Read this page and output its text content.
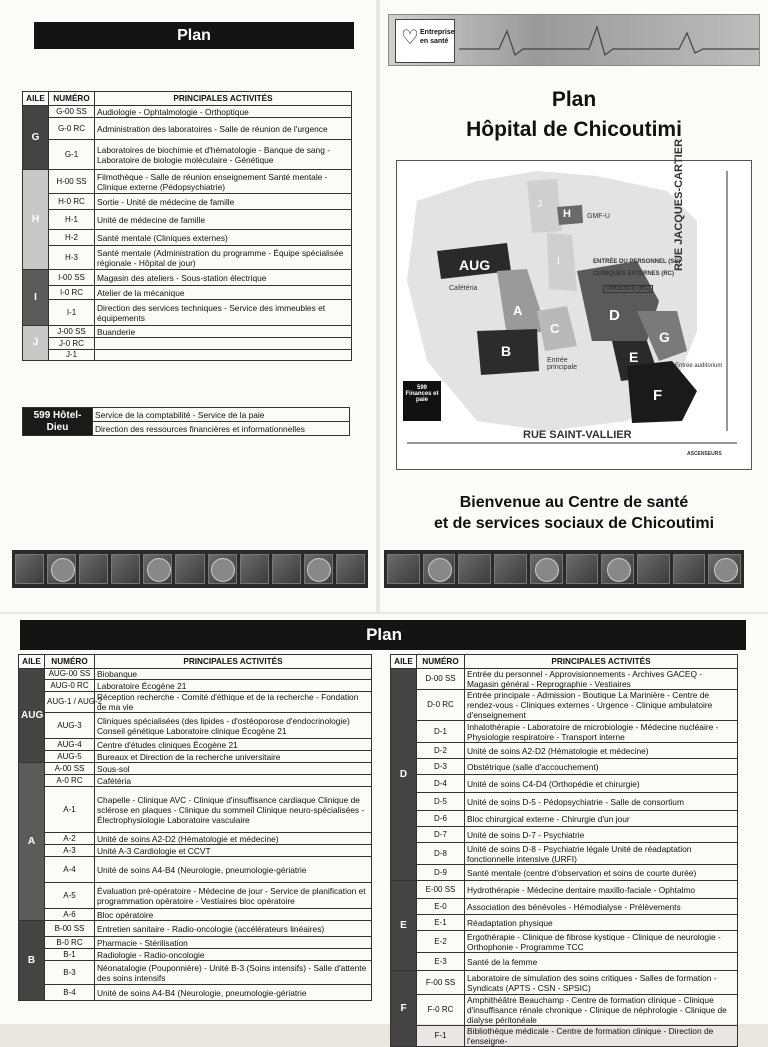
Plan
AILE	NUMÉRO	PRINCIPALES ACTIVITÉS
G	G-00 SS	Audiologie - Ophtalmologie - Orthoptique
	G-0 RC	Administration des laboratoires - Salle de réunion de l'urgence
	G-1	Laboratoires de biochimie et d'hématologie - Banque de sang - Laboratoire de biologie moléculaire - Génétique
H	H-00 SS	Filmothèque - Salle de réunion enseignement Santé mentale - Clinique externe (Pédopsychiatrie)
	H-0 RC	Sortie - Unité de médecine de famille
	H-1	Unité de médecine de famille
	H-2	Santé mentale (Cliniques externes)
	H-3	Santé mentale (Administration du programme - Équipe spécialisée régionale - Hôpital de jour)
I	I-00 SS	Magasin des ateliers - Sous-station électrique
	I-0 RC	Atelier de la mécanique
	I-1	Direction des services techniques - Service des immeubles et équipements
J	J-00 SS	Buanderie
	J-0 RC	
	J-1	
599 Hôtel-Dieu	Service de la comptabilité - Service de la paie
Direction des ressources financières et informationnelles
♡ Entreprise en santé
Plan
Hôpital de Chicoutimi
AUG
A
B
C
D
E
F
G
H
I
J
GMF-U
Cafétéria
Entrée principale
ENTRÉE DU PERSONNEL (SS)
CLINIQUES EXTERNES (RC)
URGENCE (RC)
Entrée auditorium
599 Finances et paie
ASCENSEURS
RUE JACQUES-CARTIER
RUE SAINT-VALLIER
Bienvenue au Centre de santé
et de services sociaux de Chicoutimi
Plan
AILE	NUMÉRO	PRINCIPALES ACTIVITÉS
AUG	AUG-00 SS	Biobanque
	AUG-0 RC	Laboratoire Écogène 21
	AUG-1 / AUG-2	Réception recherche - Comité d'éthique et de la recherche - Fondation de ma vie
	AUG-3	Cliniques spécialisées (des lipides - d'ostéoporose d'endocrinologie) Conseil génétique Laboratoire clinique Écogène 21
	AUG-4	Centre d'études cliniques Écogène 21
	AUG-5	Bureaux et Direction de la recherche universitaire
A	A-00 SS	Sous-sol
	A-0 RC	Cafétéria
	A-1	Chapelle - Clinique AVC - Clinique d'insuffisance cardiaque Clinique de sclérose en plaques - Clinique du sommeil Clinique neuro-spécialisées - Électrophysiologie Laboratoire vasculaire
	A-2	Unité de soins A2-D2 (Hématologie et médecine)
	A-3	Unité A-3 Cardiologie et CCVT
	A-4	Unité de soins A4-B4 (Neurologie, pneumologie-gériatrie
	A-5	Évaluation pré-opératoire - Médecine de jour - Service de planification et programmation opératoire - Vestiaires bloc opératoire
	A-6	Bloc opératoire
B	B-00 SS	Entretien sanitaire - Radio-oncologie (accélérateurs linéaires)
	B-0 RC	Pharmacie - Stérilisation
	B-1	Radiologie - Radio-oncologie
	B-3	Néonatalogie (Pouponnière) - Unité B-3 (Soins intensifs) - Salle d'attente des soins intensifs
	B-4	Unité de soins A4-B4 (Neurologie, pneumologie-gériatrie
AILE	NUMÉRO	PRINCIPALES ACTIVITÉS
D	D-00 SS	Entrée du personnel - Approvisionnements - Archives GACEQ - Magasin général - Reprographie - Vestiaires
	D-0 RC	Entrée principale - Admission - Boutique La Marinière - Centre de rendez-vous - Cliniques externes - Urgence - Clinique ambulatoire d'enseignement
	D-1	Inhalothérapie - Laboratoire de microbiologie - Médecine nucléaire - Physiologie respiratoire - Transport interne
	D-2	Unité de soins A2-D2 (Hématologie et médecine)
	D-3	Obstétrique (salle d'accouchement)
	D-4	Unité de soins C4-D4 (Orthopédie et chirurgie)
	D-5	Unité de soins D-5 - Pédopsychiatrie - Salle de consortium
	D-6	Bloc chirurgical externe - Chirurgie d'un jour
	D-7	Unité de soins D-7 - Psychiatrie
	D-8	Unité de soins D-8 - Psychiatrie légale Unité de réadaptation fonctionnelle intensive (URFI)
	D-9	Santé mentale (centre d'observation et soins de courte durée)
E	E-00 SS	Hydrothérapie - Médecine dentaire maxillo-faciale - Ophtalmo
	E-0	Association des bénévoles - Hémodialyse - Prélèvements
	E-1	Réadaptation physique
	E-2	Ergothérapie - Clinique de fibrose kystique - Clinique de neurologie - Orthophonie - Programme TCC
	E-3	Santé de la femme
F	F-00 SS	Laboratoire de simulation des soins critiques - Salles de formation - Syndicats (APTS - CSN - SPSIC)
	F-0 RC	Amphithéâtre Beauchamp - Centre de formation clinique - Clinique d'insuffisance rénale chronique - Clinique de néphrologie - Clinique de dialyse péritonéale
	F-1	Bibliothèque médicale - Centre de formation clinique - Direction de l'enseigne-
